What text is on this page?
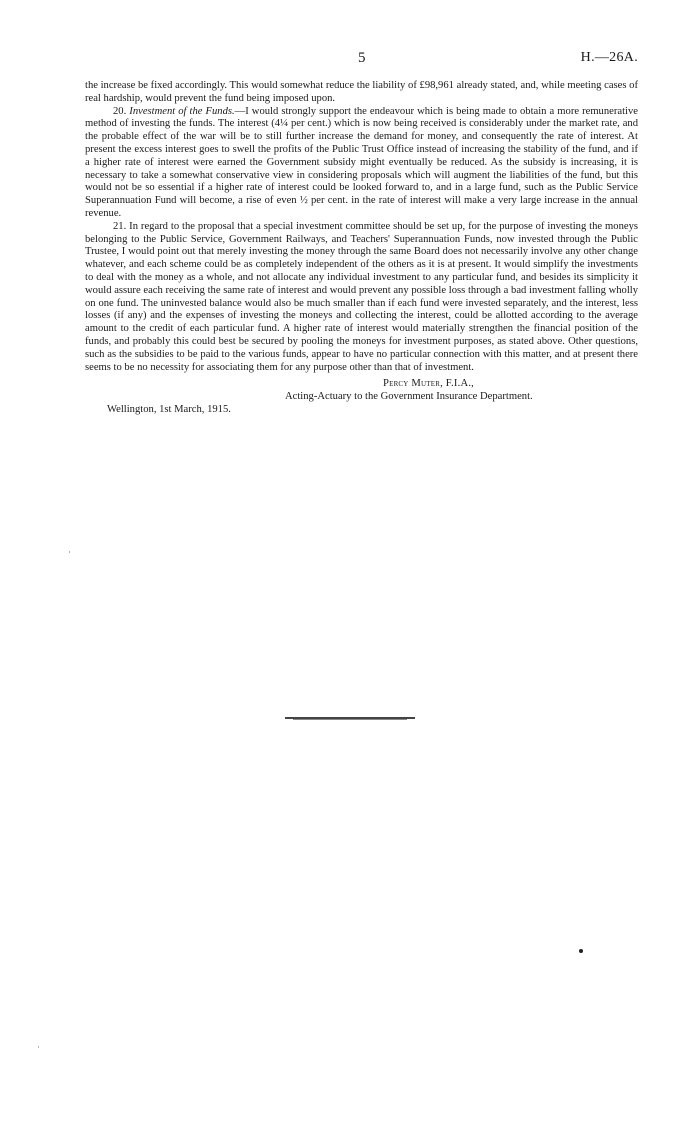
5	H.—26A.

the increase be fixed accordingly. This would somewhat reduce the liability of £98,961 already stated, and, while meeting cases of real hardship, would prevent the fund being imposed upon.

20. Investment of the Funds.—I would strongly support the endeavour which is being made to obtain a more remunerative method of investing the funds. The interest (4¼ per cent.) which is now being received is considerably under the market rate, and the probable effect of the war will be to still further increase the demand for money, and consequently the rate of interest. At present the excess interest goes to swell the profits of the Public Trust Office instead of increasing the stability of the fund, and if a higher rate of interest were earned the Government subsidy might eventually be reduced. As the subsidy is increasing, it is necessary to take a somewhat conservative view in considering proposals which will augment the liabilities of the fund, but this would not be so essential if a higher rate of interest could be looked forward to, and in a large fund, such as the Public Service Superannuation Fund will become, a rise of even ½ per cent. in the rate of interest will make a very large increase in the annual revenue.

21. In regard to the proposal that a special investment committee should be set up, for the purpose of investing the moneys belonging to the Public Service, Government Railways, and Teachers' Superannuation Funds, now invested through the Public Trustee, I would point out that merely investing the money through the same Board does not necessarily involve any other change whatever, and each scheme could be as completely independent of the others as it is at present. It would simplify the investments to deal with the money as a whole, and not allocate any individual investment to any particular fund, and besides its simplicity it would assure each receiving the same rate of interest and would prevent any possible loss through a bad investment falling wholly on one fund. The uninvested balance would also be much smaller than if each fund were invested separately, and the interest, less losses (if any) and the expenses of investing the moneys and collecting the interest, could be allotted according to the average amount to the credit of each particular fund. A higher rate of interest would materially strengthen the financial position of the funds, and probably this could best be secured by pooling the moneys for investment purposes, as stated above. Other questions, such as the subsidies to be paid to the various funds, appear to have no particular connection with this matter, and at present there seems to be no necessity for associating them for any purpose other than that of investment.

Percy Muter, F.I.A.,
Acting-Actuary to the Government Insurance Department.
Wellington, 1st March, 1915.
